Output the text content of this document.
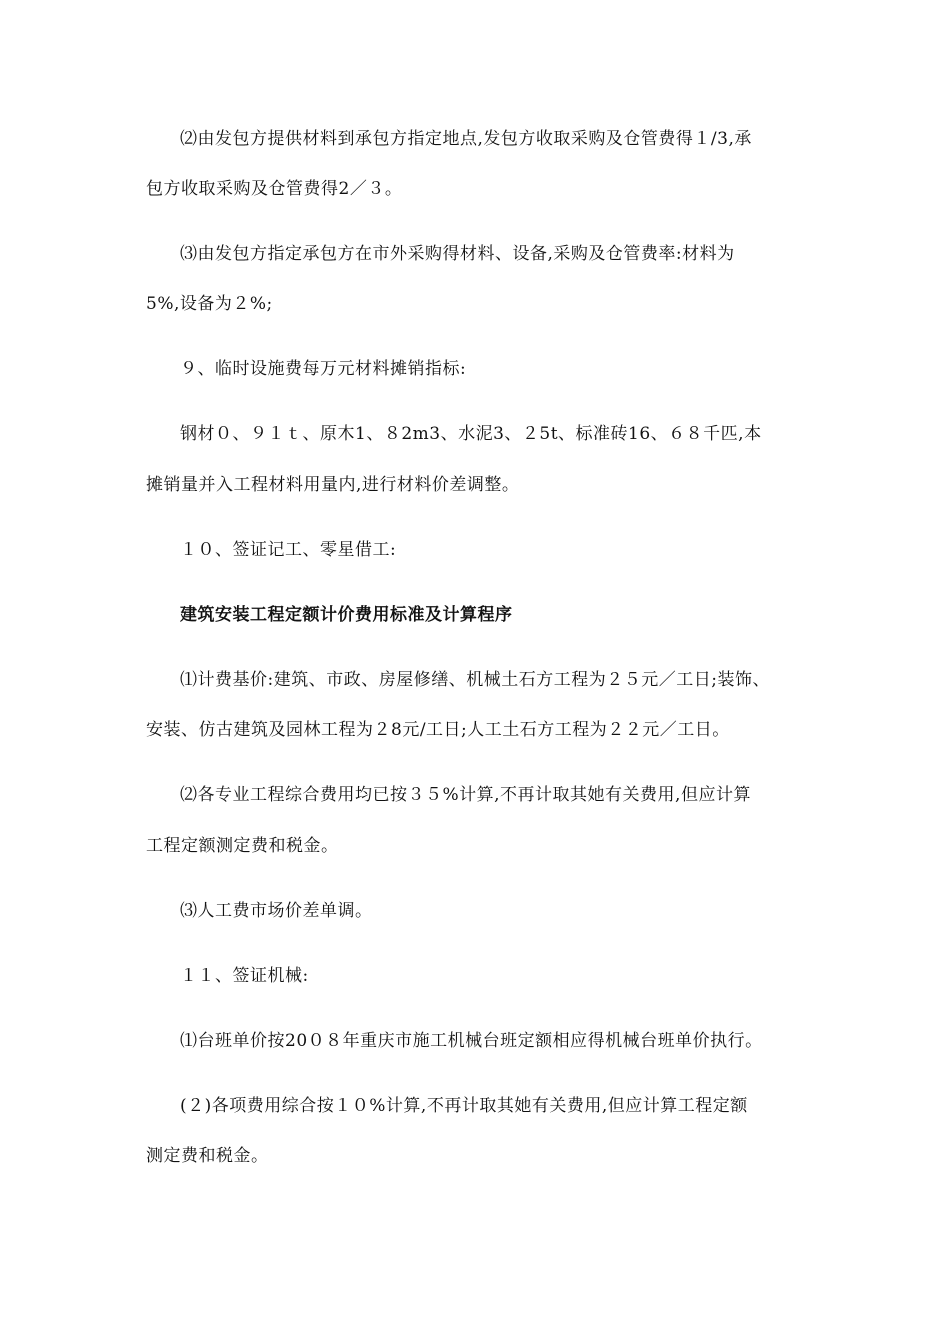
⑵由发包方提供材料到承包方指定地点,发包方收取采购及仓管费得１/3,承
包方收取采购及仓管费得2／３。
⑶由发包方指定承包方在市外采购得材料、设备,采购及仓管费率:材料为
5%,设备为２%;
９、临时设施费每万元材料摊销指标:
钢材０、９１ｔ、原木1、８2m3、水泥3、２5t、标准砖16、６８千匹,本
摊销量并入工程材料用量内,进行材料价差调整。
１０、签证记工、零星借工:
建筑安装工程定额计价费用标准及计算程序
⑴计费基价:建筑、市政、房屋修缮、机械土石方工程为２５元／工日;装饰、
安装、仿古建筑及园林工程为２8元/工日;人工土石方工程为２２元／工日。
⑵各专业工程综合费用均已按３５%计算,不再计取其她有关费用,但应计算
工程定额测定费和税金。
⑶人工费市场价差单调。
１１、签证机械:
⑴台班单价按20０８年重庆市施工机械台班定额相应得机械台班单价执行。
(２)各项费用综合按１０%计算,不再计取其她有关费用,但应计算工程定额
测定费和税金。
